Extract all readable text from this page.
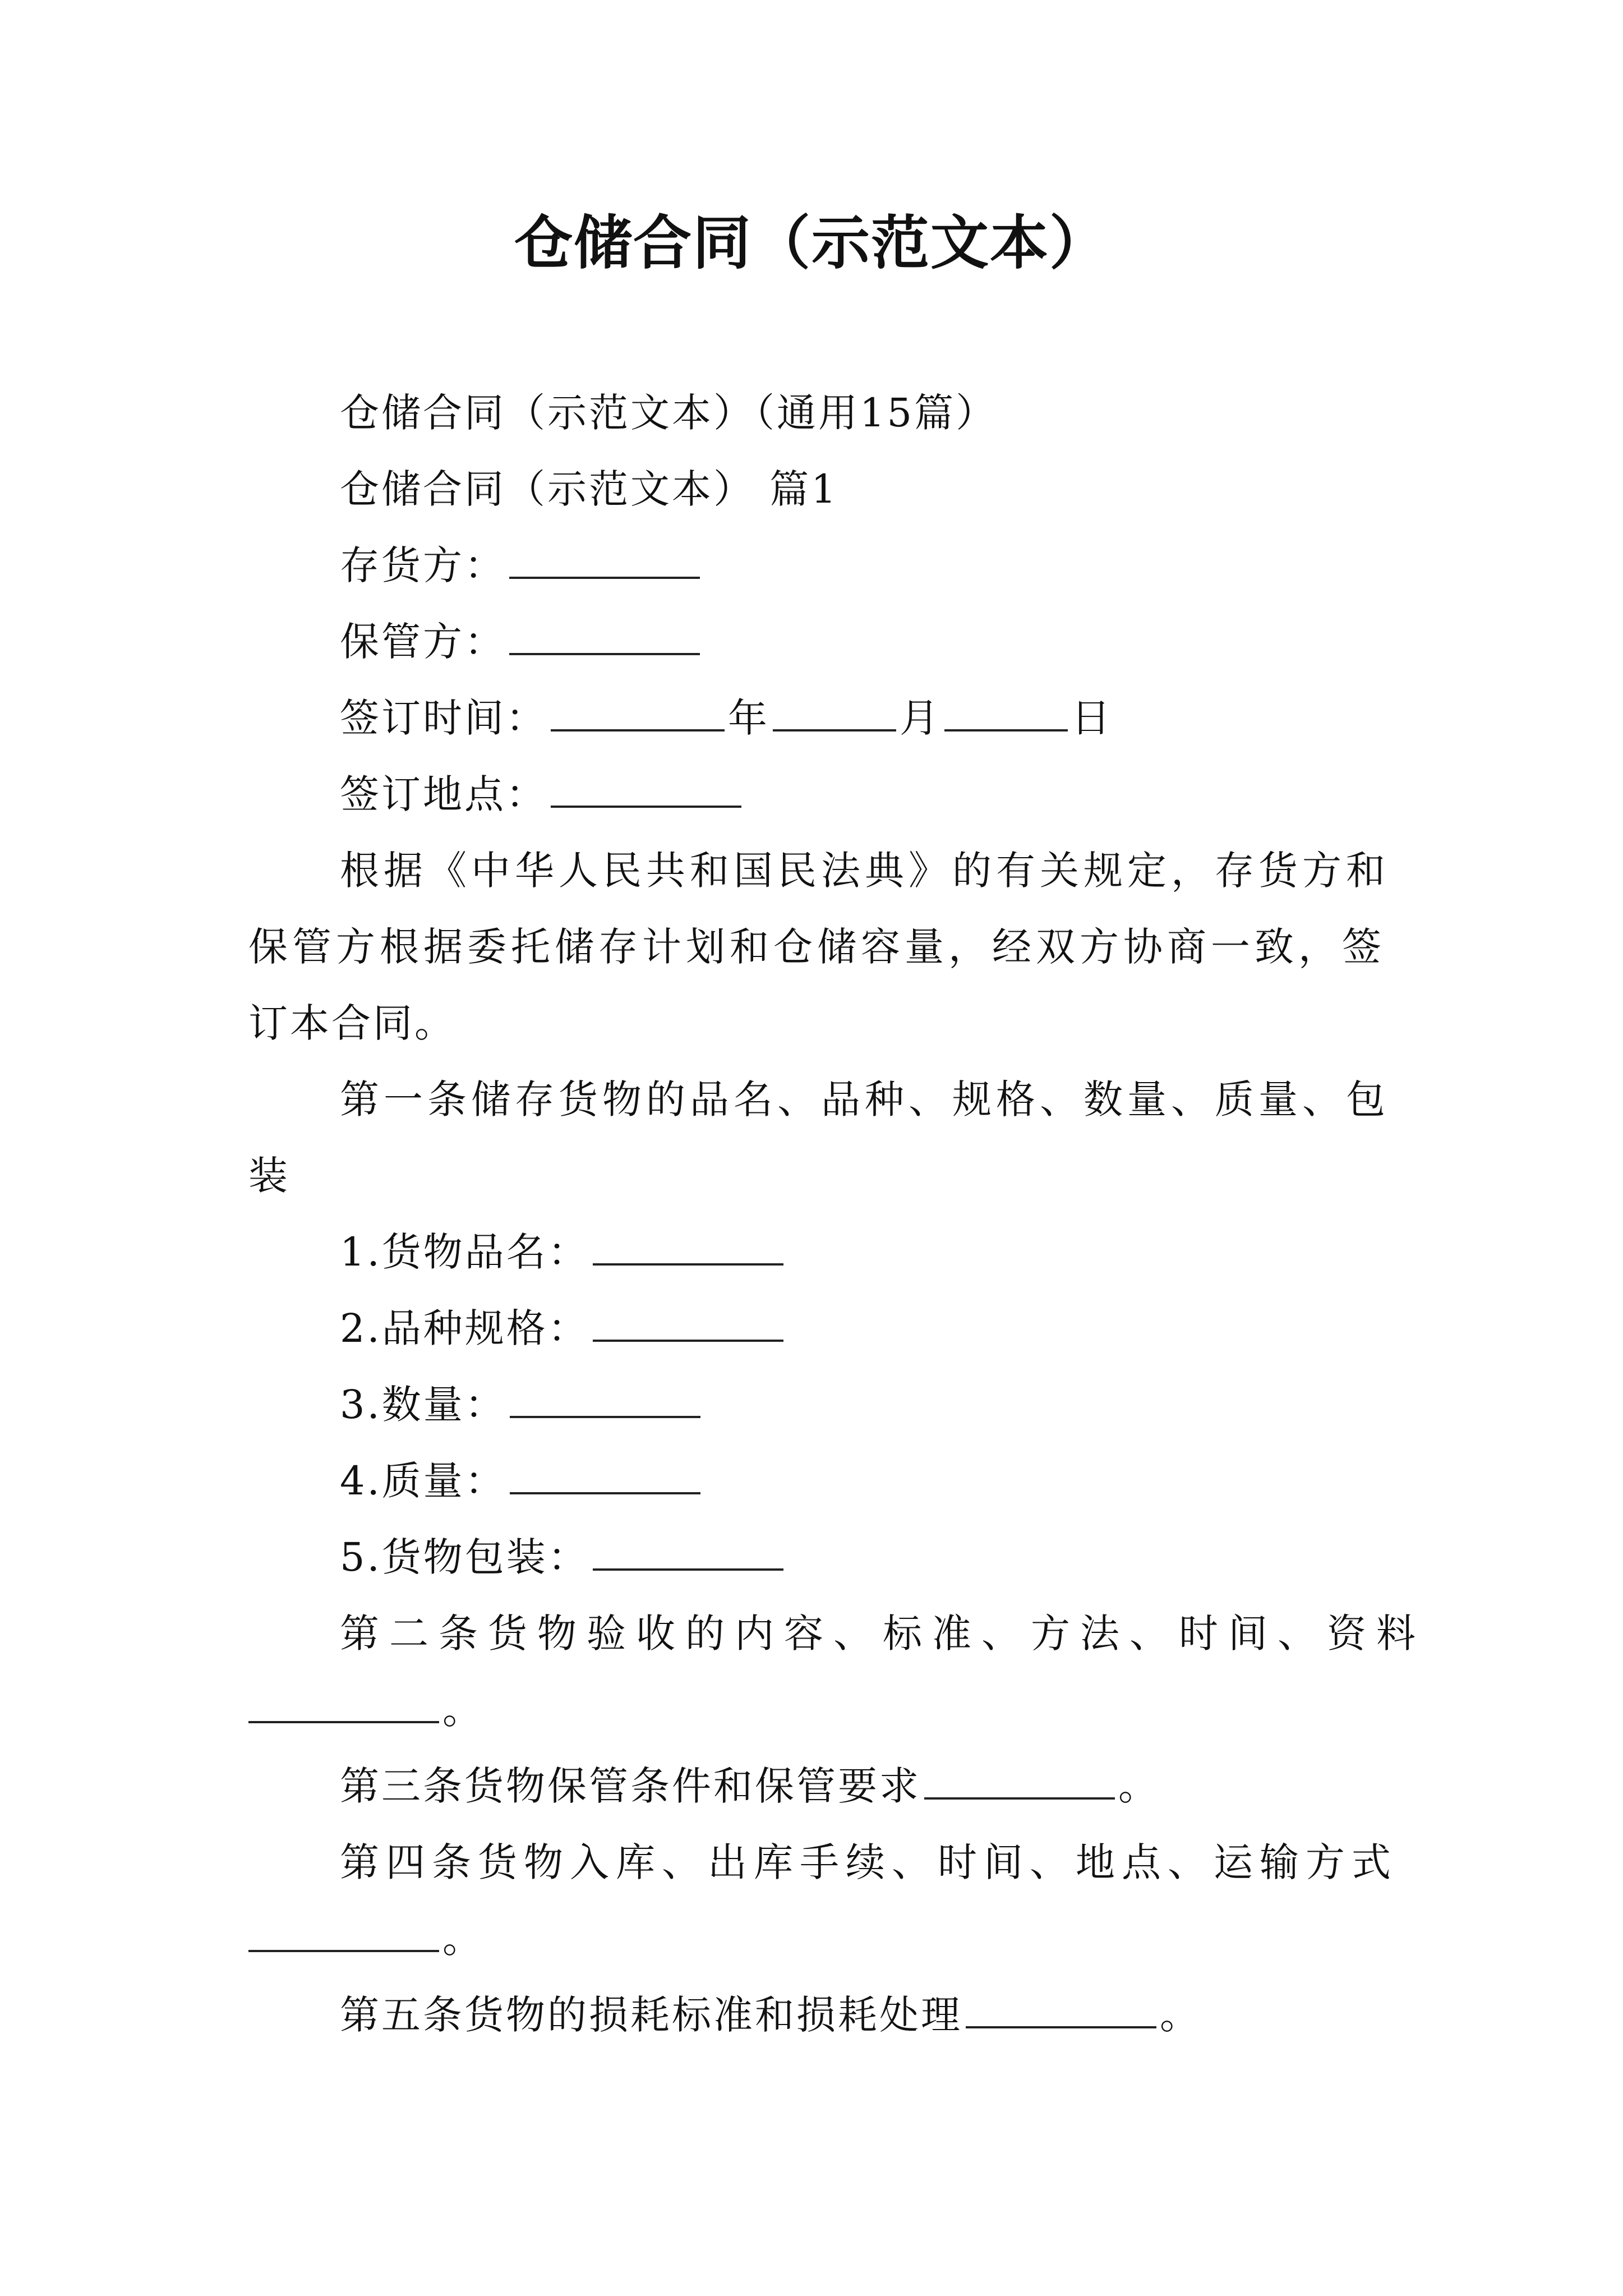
仓储合同（示范文本）
仓储合同（示范文本）（通用15篇）
仓储合同（示范文本） 篇1
存货方：
保管方：
签订时间：	年	月	日
签订地点：
根据《中华人民共和国民法典》的有关规定，存货方和
保管方根据委托储存计划和仓储容量，经双方协商一致，签
订本合同。
第一条储存货物的品名、品种、规格、数量、质量、包
装
1.货物品名：
2.品种规格：
3.数量：
4.质量：
5.货物包装：
第二条货物验收的内容、标准、方法、时间、资料
。
第三条货物保管条件和保管要求	。
第四条货物入库、出库手续、时间、地点、运输方式
。
第五条货物的损耗标准和损耗处理	。
